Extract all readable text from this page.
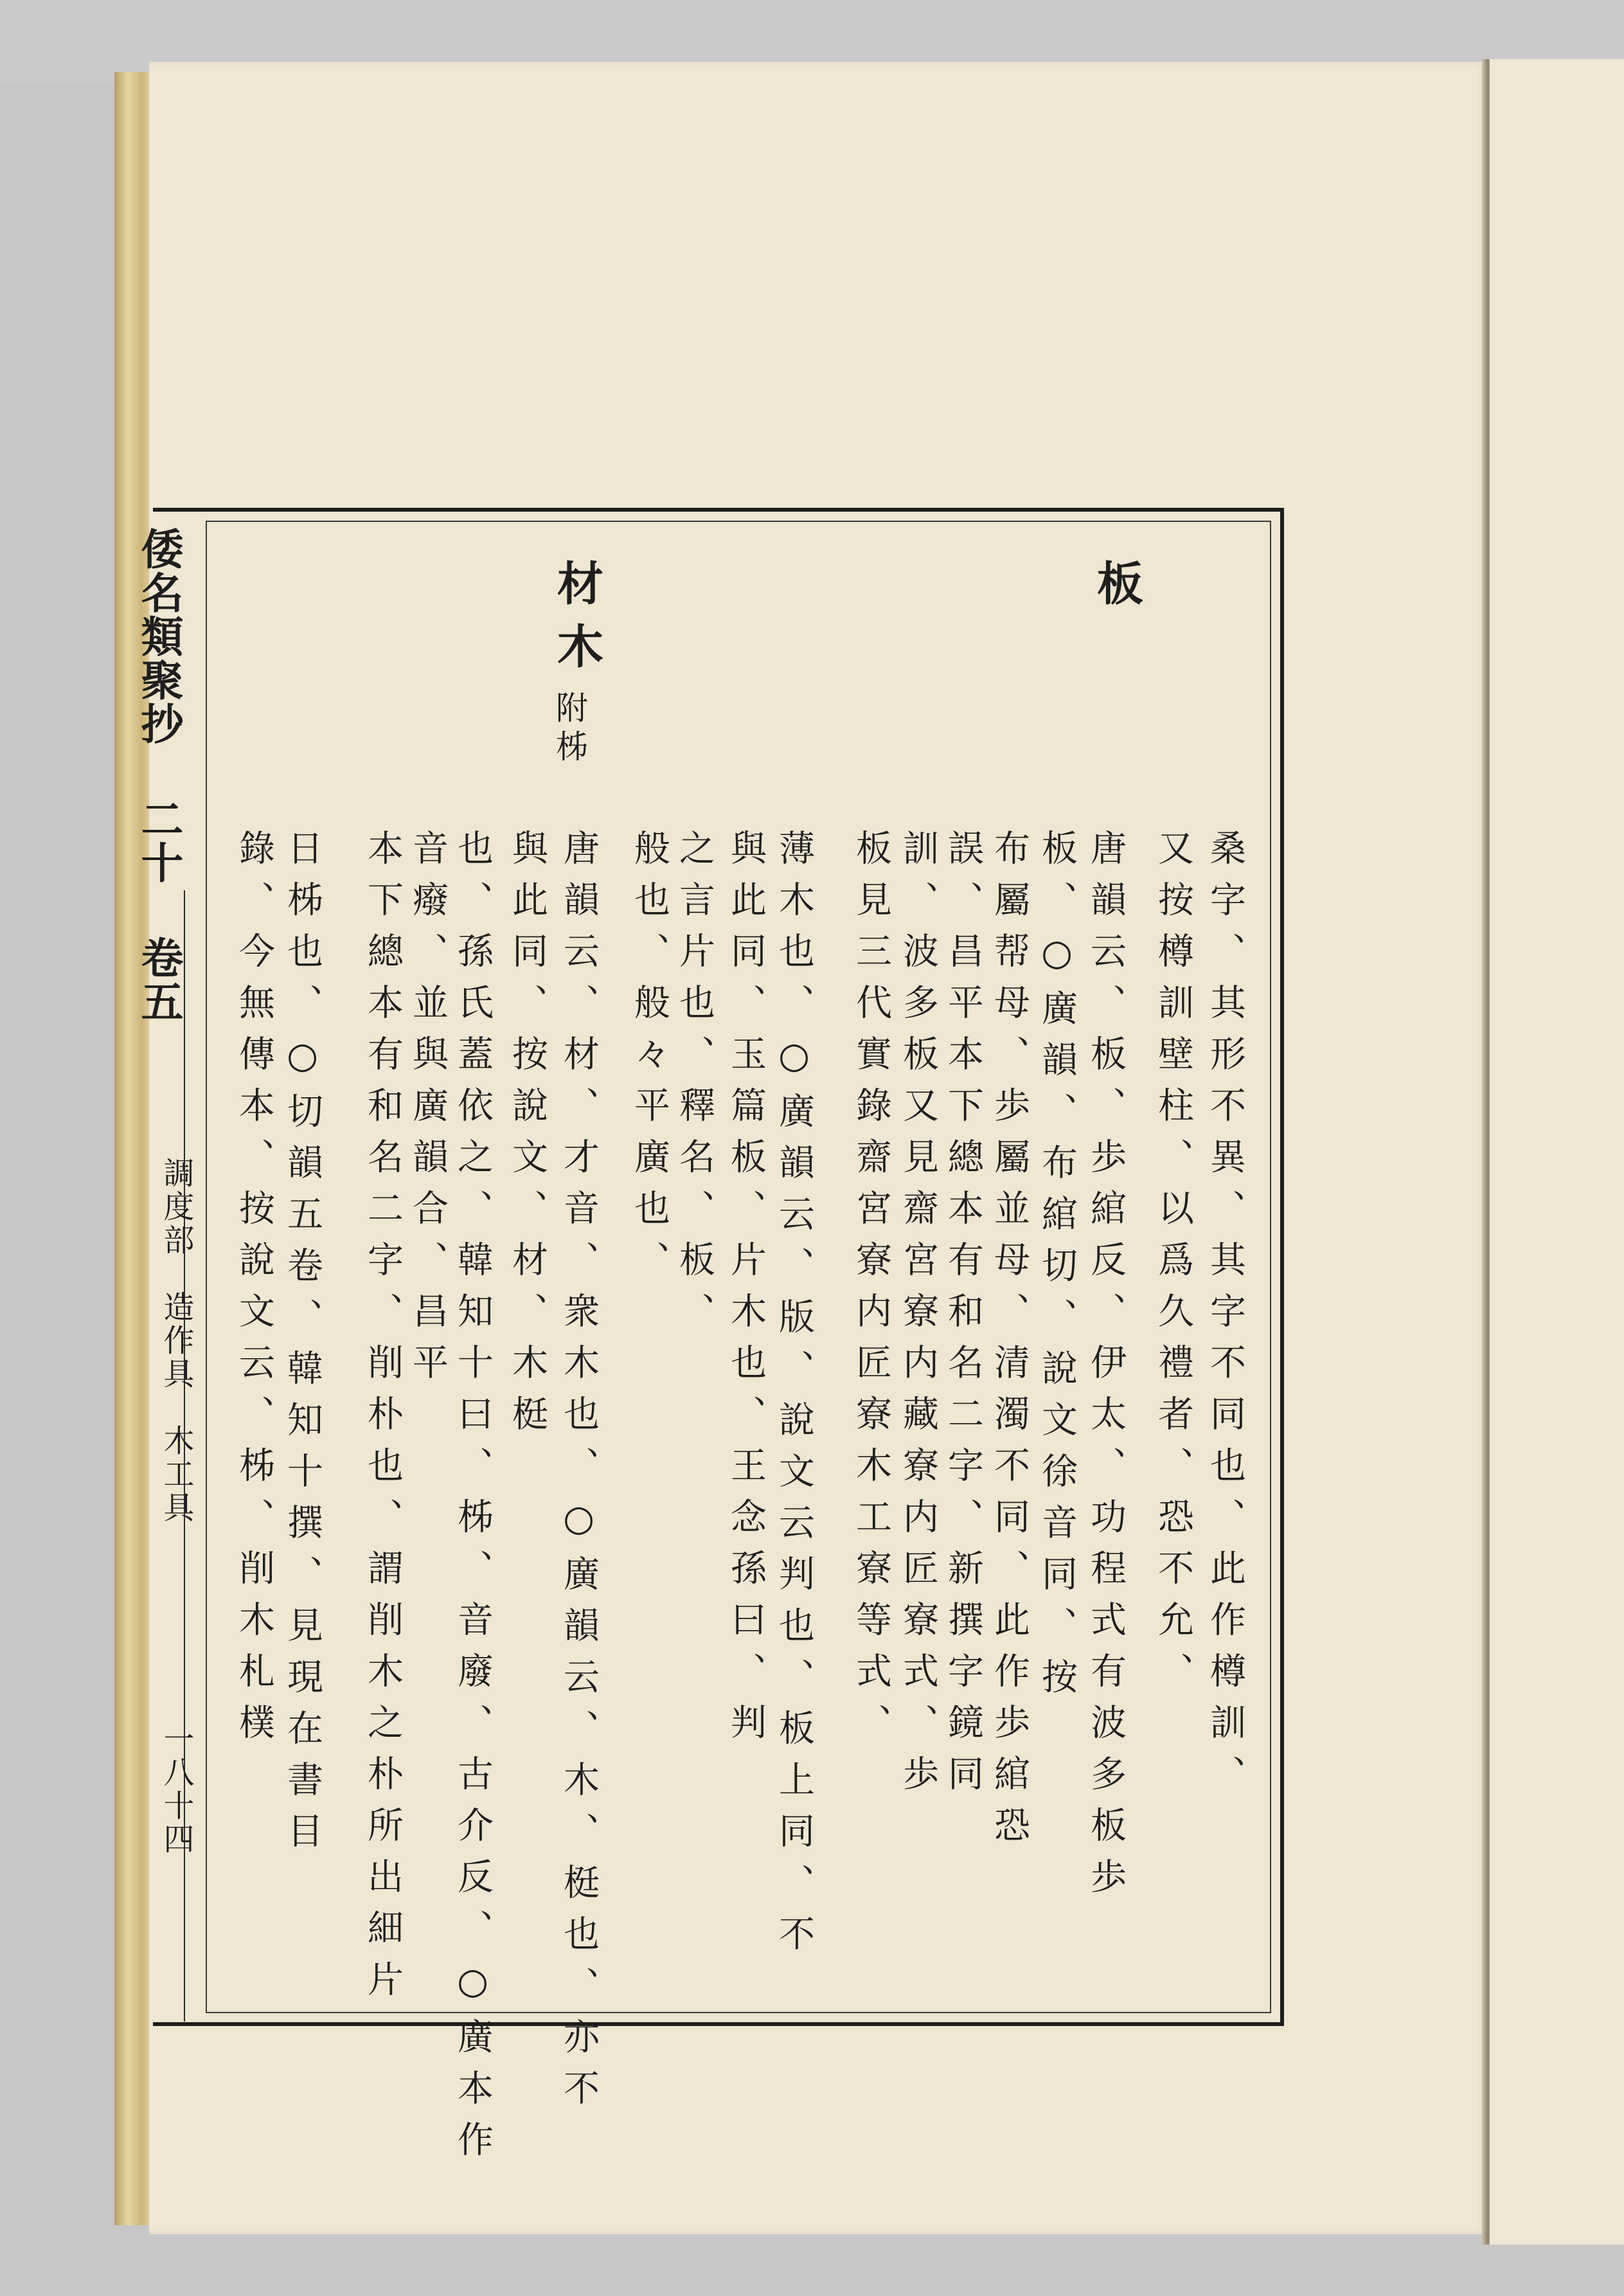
倭名類聚抄 二十 卷五
調度部　造作具　木工具
一八十四
板
桑字、其形不異、其字不同也、此作樽訓、
又按樽訓壁柱、以爲久禮者、恐不允、
唐韻云、板、歩綰反、伊太、功程式有波多板歩
板、○廣韻、布綰切、說文徐音同、按
布屬帮母、歩屬並母、清濁不同、此作歩綰恐
誤、昌平本下總本有和名二字、新撰字鏡同
訓、波多板又見齋宮寮内藏寮内匠寮式、歩
板見三代實錄齋宮寮内匠寮木工寮等式、
薄木也、○廣韻云、版、說文云判也、板上同、不
與此同、玉篇板、片木也、王念孫曰、判
之言片也、釋名、板、
般也、般々平廣也、
材木
附柹
唐韻云、材、才音、衆木也、○廣韻云、木、梃也、亦不
與此同、按說文、材、木梃
也、孫氏蓋依之、韓知十曰、柹、音廢、古介反、○廣本作
音癈、並與廣韻合、昌平
本下總本有和名二字、削朴也、謂削木之朴所出細片
日柹也、○切韻五卷、韓知十撰、見現在書目
錄、今無傳本、按說文云、柹、削木札樸
